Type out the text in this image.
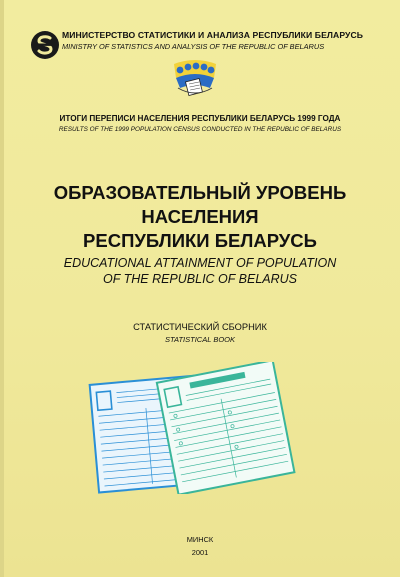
МИНИСТЕРСТВО СТАТИСТИКИ И АНАЛИЗА РЕСПУБЛИКИ БЕЛАРУСЬ
MINISTRY OF STATISTICS AND ANALYSIS OF THE REPUBLIC OF BELARUS
ИТОГИ ПЕРЕПИСИ НАСЕЛЕНИЯ РЕСПУБЛИКИ БЕЛАРУСЬ 1999 ГОДА
RESULTS OF THE 1999 POPULATION CENSUS CONDUCTED IN THE REPUBLIC OF BELARUS
ОБРАЗОВАТЕЛЬНЫЙ УРОВЕНЬ
НАСЕЛЕНИЯ
РЕСПУБЛИКИ БЕЛАРУСЬ
EDUCATIONAL ATTAINMENT OF POPULATION
OF THE REPUBLIC OF BELARUS
СТАТИСТИЧЕСКИЙ СБОРНИК
STATISTICAL BOOK
МИНСК
2001
